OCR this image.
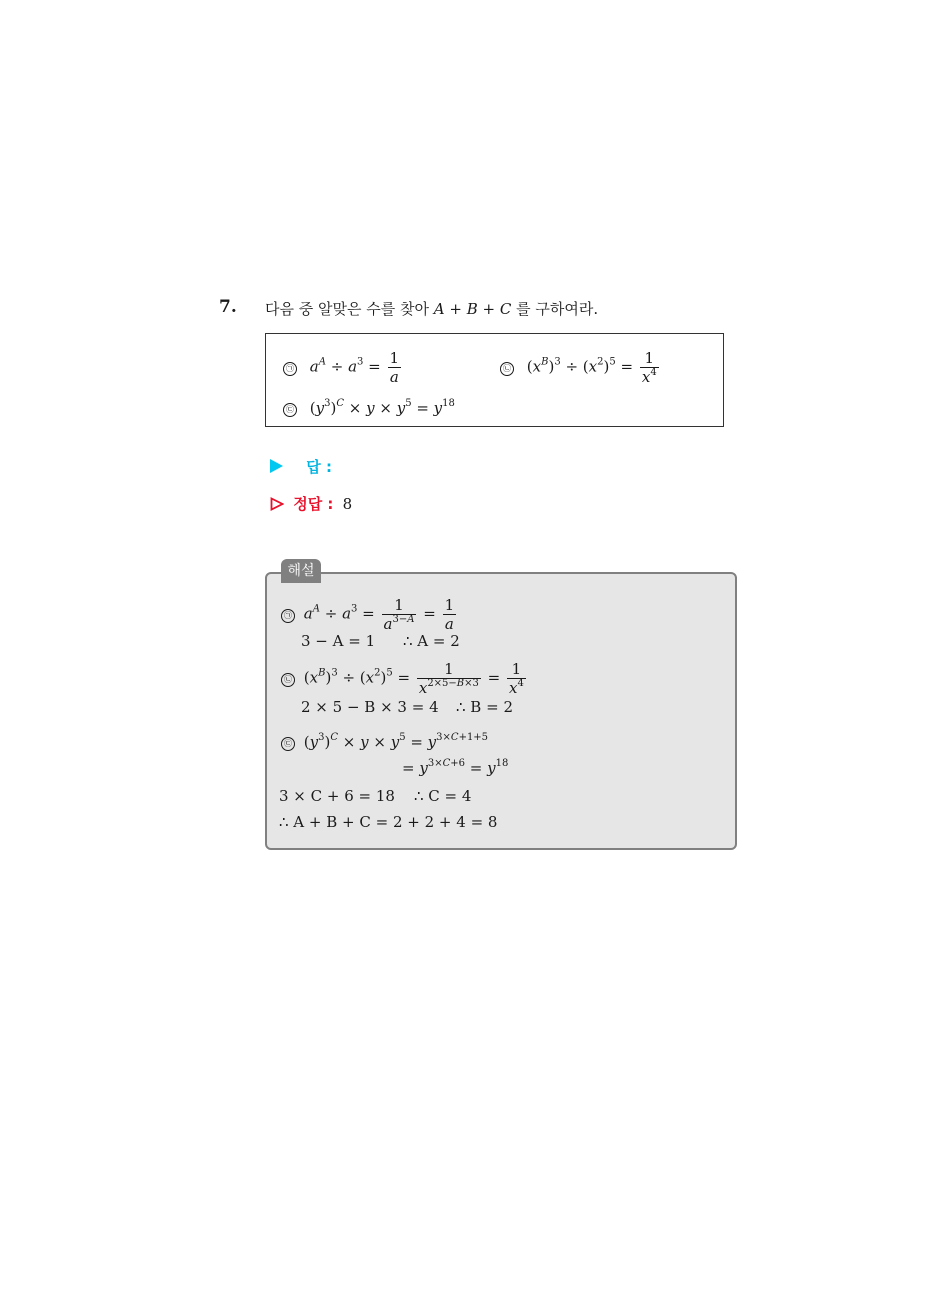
7. 다음 중 알맞은 수를 찾아 A + B + C 를 구하여라.
㉠ $a^A \div a^3 = \frac{1}{a}$	㉡ $(x^B)^3 \div (x^2)^5 = \frac{1}{x^4}$
㉢ $(y^3)^C \times y \times y^5 = y^{18}$
답 :
정답 : 8
해설
㉠ $a^A \div a^3 = \frac{1}{a^{3-A}} = \frac{1}{a}$
3 − A = 1 ∴ A = 2
㉡ $(x^B)^3 \div (x^2)^5 = \frac{1}{x^{2\times 5-B\times 3}} = \frac{1}{x^4}$
2 × 5 − B × 3 = 4 ∴ B = 2
㉢ $(y^3)^C \times y \times y^5 = y^{3\times C+1+5}$
= $y^{3\times C+6} = y^{18}$
3 × C + 6 = 18 ∴ C = 4
∴ A + B + C = 2 + 2 + 4 = 8
